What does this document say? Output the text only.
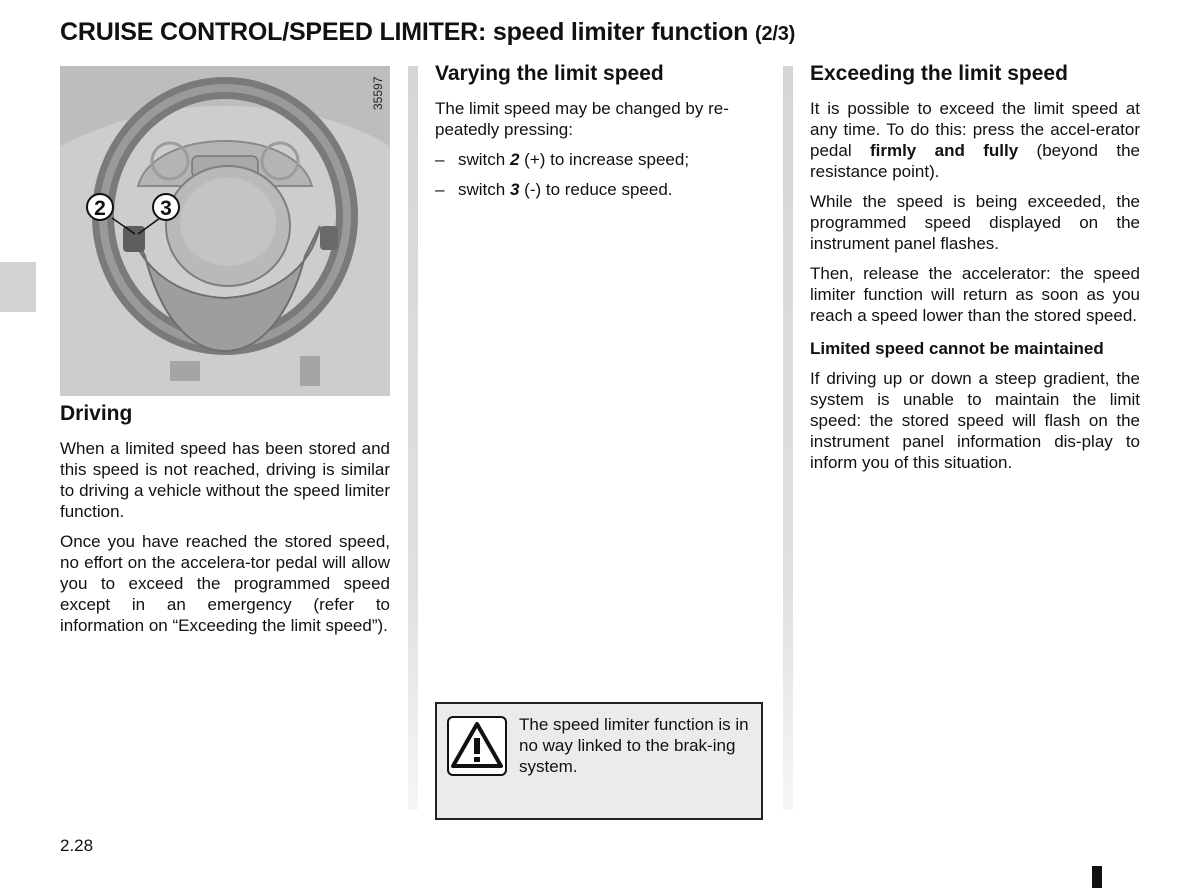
CRUISE CONTROL/SPEED LIMITER: speed limiter function (2/3)
2	3
35597
Driving

When a limited speed has been stored and this speed is not reached, driving is similar to driving a vehicle without the speed limiter function.

Once you have reached the stored speed, no effort on the accelera-tor pedal will allow you to exceed the programmed speed except in an emergency (refer to information on “Exceeding the limit speed”).

Varying the limit speed

The limit speed may be changed by re-peatedly pressing:

– switch 2 (+) to increase speed;
– switch 3 (-) to reduce speed.
The speed limiter function is in no way linked to the brak-ing system.
Exceeding the limit speed

It is possible to exceed the limit speed at any time. To do this: press the accel-erator pedal firmly and fully (beyond the resistance point).

While the speed is being exceeded, the programmed speed displayed on the instrument panel flashes.

Then, release the accelerator: the speed limiter function will return as soon as you reach a speed lower than the stored speed.

Limited speed cannot be maintained

If driving up or down a steep gradient, the system is unable to maintain the limit speed: the stored speed will flash on the instrument panel information dis-play to inform you of this situation.

2.28
